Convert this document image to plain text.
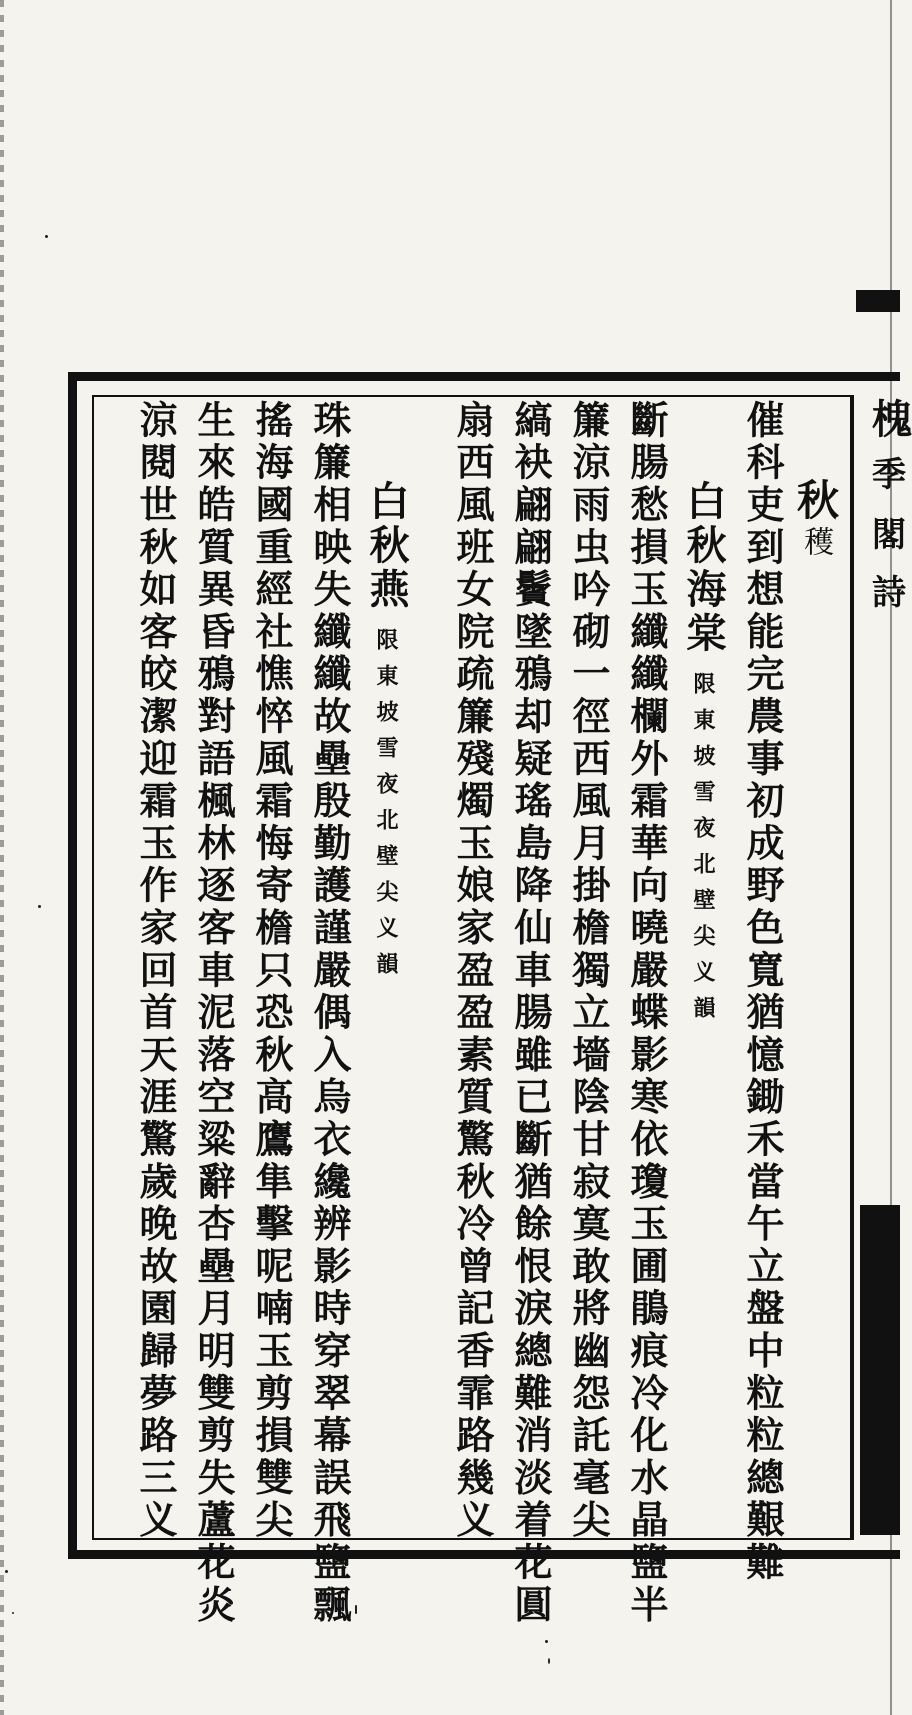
槐
季
閣
詩
秋穫
催科吏到想能完農事初成野色寬猶憶鋤禾當午立盤中粒粒總艱難
白秋海棠限東坡雪夜北壁尖义韻
斷腸愁損玉纖纖欄外霜華向曉嚴蝶影寒依瓊玉圃鵑痕冷化水晶鹽半
簾涼雨虫吟砌一徑西風月掛檐獨立墻陰甘寂寞敢將幽怨託毫尖
縞袂翩翩鬢墜鴉却疑瑤島降仙車腸雖已斷猶餘恨淚總難消淡着花圓
扇西風班女院疏簾殘燭玉娘家盈盈素質驚秋冷曾記香霏路幾义
白秋燕限東坡雪夜北壁尖义韻
珠簾相映失纖纖故壘殷勤護謹嚴偶入烏衣纔辨影時穿翠幕誤飛鹽飄
搖海國重經社憔悴風霜悔寄檐只恐秋高鷹隼擊呢喃玉剪損雙尖
生來皓質異昏鴉對語楓林逐客車泥落空粱辭杏壘月明雙剪失蘆花炎
涼閱世秋如客皎潔迎霜玉作家回首天涯驚歲晚故園歸夢路三义
